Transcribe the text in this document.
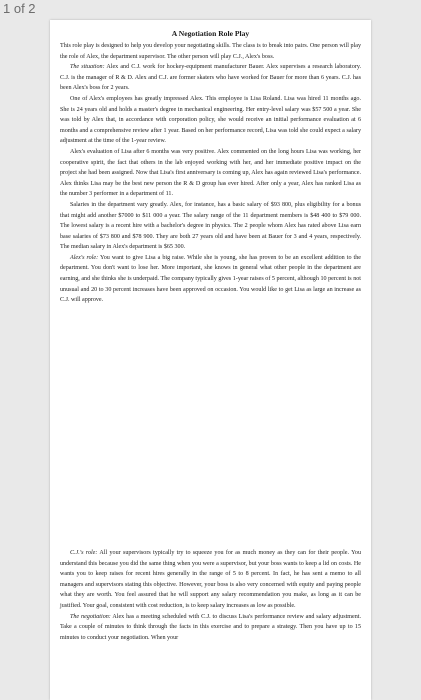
1 of 2
A Negotiation Role Play

This role play is designed to help you develop your negotiating skills. The class is to break into pairs. One person will play the role of Alex, the department supervisor. The other person will play C.J., Alex's boss.

The situation: Alex and C.J. work for hockey-equipment manufacturer Bauer. Alex supervises a research laboratory. C.J. is the manager of R & D. Alex and C.J. are former skaters who have worked for Bauer for more than 6 years. C.J. has been Alex's boss for 2 years.

One of Alex's employees has greatly impressed Alex. This employee is Lisa Roland. Lisa was hired 11 months ago. She is 24 years old and holds a master's degree in mechanical engineering. Her entry-level salary was $57 500 a year. She was told by Alex that, in accordance with corporation policy, she would receive an initial performance evaluation at 6 months and a comprehensive review after 1 year. Based on her performance record, Lisa was told she could expect a salary adjustment at the time of the 1-year review.

Alex's evaluation of Lisa after 6 months was very positive. Alex commented on the long hours Lisa was working, her cooperative spirit, the fact that others in the lab enjoyed working with her, and her immediate positive impact on the project she had been assigned. Now that Lisa's first anniversary is coming up, Alex has again reviewed Lisa's performance. Alex thinks Lisa may be the best new person the R & D group has ever hired. After only a year, Alex has ranked Lisa as the number 3 performer in a department of 11.

Salaries in the department vary greatly. Alex, for instance, has a basic salary of $93 800, plus eligibility for a bonus that might add another $7000 to $11 000 a year. The salary range of the 11 department members is $48 400 to $79 000. The lowest salary is a recent hire with a bachelor's degree in physics. The 2 people whom Alex has rated above Lisa earn base salaries of $73 800 and $78 900. They are both 27 years old and have been at Bauer for 3 and 4 years, respectively. The median salary in Alex's department is $65 300.

Alex's role: You want to give Lisa a big raise. While she is young, she has proven to be an excellent addition to the department. You don't want to lose her. More important, she knows in general what other people in the department are earning, and she thinks she is underpaid. The company typically gives 1-year raises of 5 percent, although 10 percent is not unusual and 20 to 30 percent increases have been approved on occasion. You would like to get Lisa as large an increase as C.J. will approve.

C.J.'s role: All your supervisors typically try to squeeze you for as much money as they can for their people. You understand this because you did the same thing when you were a supervisor, but your boss wants to keep a lid on costs. He wants you to keep raises for recent hires generally in the range of 5 to 8 percent. In fact, he has sent a memo to all managers and supervisors stating this objective. However, your boss is also very concerned with equity and paying people what they are worth. You feel assured that he will support any salary recommendation you make, as long as it can be justified. Your goal, consistent with cost reduction, is to keep salary increases as low as possible.

The negotiation: Alex has a meeting scheduled with C.J. to discuss Lisa's performance review and salary adjustment. Take a couple of minutes to think through the facts in this exercise and to prepare a strategy. Then you have up to 15 minutes to conduct your negotiation. When your
